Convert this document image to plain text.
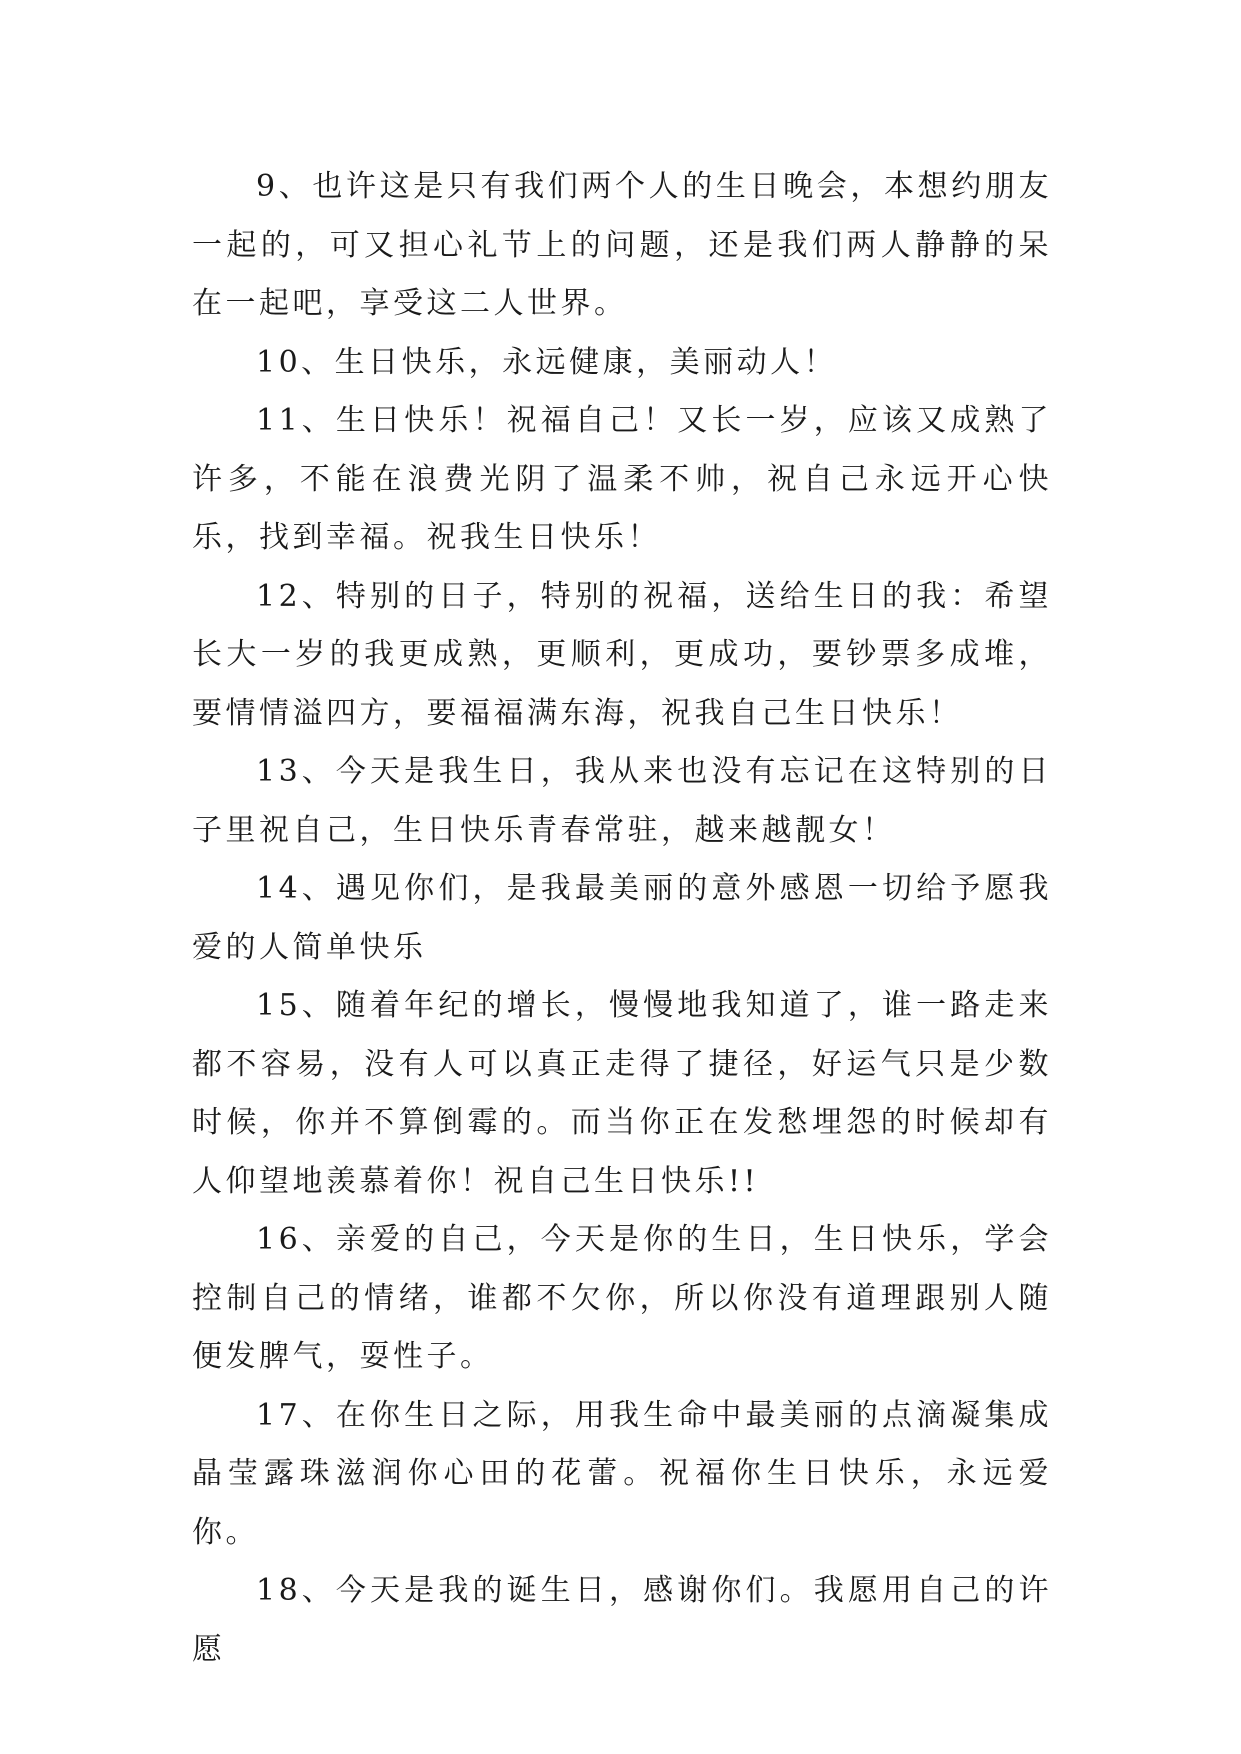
9、也许这是只有我们两个人的生日晚会，本想约朋友一起的，可又担心礼节上的问题，还是我们两人静静的呆在一起吧，享受这二人世界。

10、生日快乐，永远健康，美丽动人！

11、生日快乐！祝福自己！又长一岁，应该又成熟了许多，不能在浪费光阴了温柔不帅，祝自己永远开心快乐，找到幸福。祝我生日快乐！

12、特别的日子，特别的祝福，送给生日的我：希望长大一岁的我更成熟，更顺利，更成功，要钞票多成堆，要情情溢四方，要福福满东海，祝我自己生日快乐！

13、今天是我生日，我从来也没有忘记在这特别的日子里祝自己，生日快乐青春常驻，越来越靓女！

14、遇见你们，是我最美丽的意外感恩一切给予愿我爱的人简单快乐

15、随着年纪的增长，慢慢地我知道了，谁一路走来都不容易，没有人可以真正走得了捷径，好运气只是少数时候，你并不算倒霉的。而当你正在发愁埋怨的时候却有人仰望地羡慕着你！祝自己生日快乐!!

16、亲爱的自己，今天是你的生日，生日快乐，学会控制自己的情绪，谁都不欠你，所以你没有道理跟别人随便发脾气，耍性子。

17、在你生日之际，用我生命中最美丽的点滴凝集成晶莹露珠滋润你心田的花蕾。祝福你生日快乐，永远爱你。

18、今天是我的诞生日，感谢你们。我愿用自己的许愿
